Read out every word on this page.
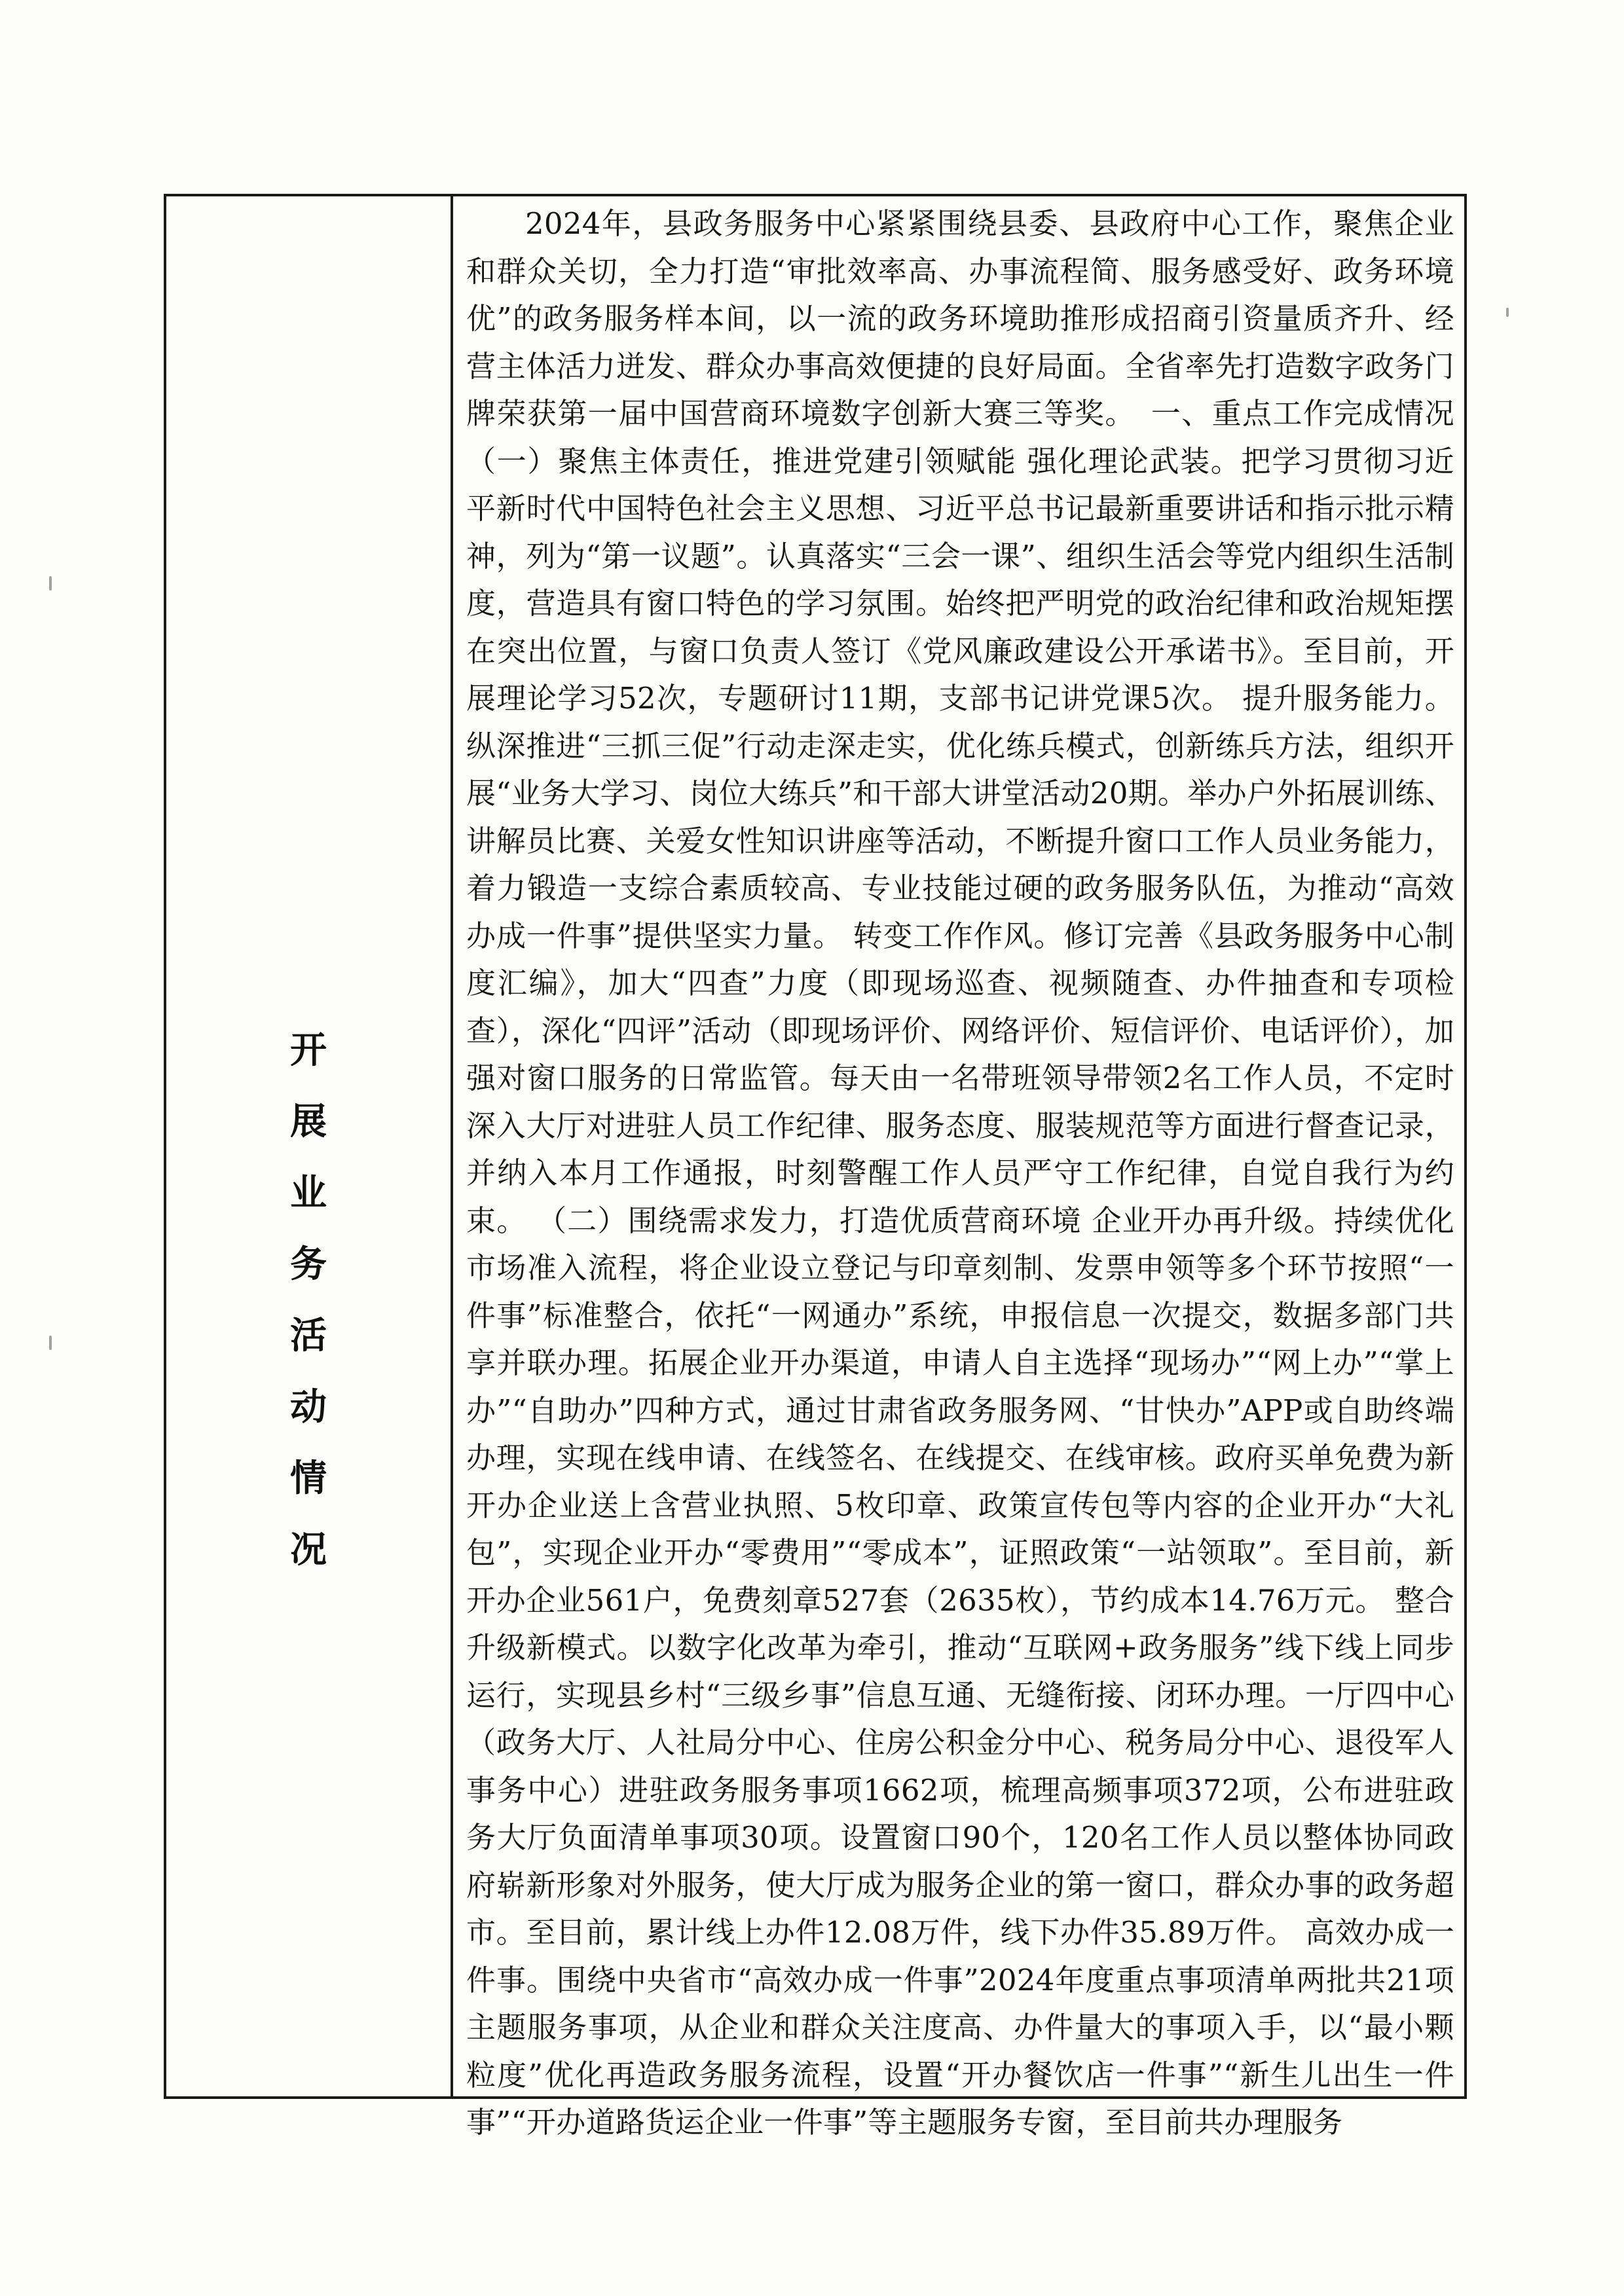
开
展
业
务
活
动
情
况

2024年，县政务服务中心紧紧围绕县委、县政府中心工作，聚焦企业和群众关切，全力打造“审批效率高、办事流程简、服务感受好、政务环境优”的政务服务样本间，以一流的政务环境助推形成招商引资量质齐升、经营主体活力迸发、群众办事高效便捷的良好局面。全省率先打造数字政务门牌荣获第一届中国营商环境数字创新大赛三等奖。　一、重点工作完成情况　（一）聚焦主体责任，推进党建引领赋能 强化理论武装。把学习贯彻习近平新时代中国特色社会主义思想、习近平总书记最新重要讲话和指示批示精神，列为“第一议题”。认真落实“三会一课”、组织生活会等党内组织生活制度，营造具有窗口特色的学习氛围。始终把严明党的政治纪律和政治规矩摆在突出位置，与窗口负责人签订《党风廉政建设公开承诺书》。至目前，开展理论学习52次，专题研讨11期，支部书记讲党课5次。 提升服务能力。纵深推进“三抓三促”行动走深走实，优化练兵模式，创新练兵方法，组织开展“业务大学习、岗位大练兵”和干部大讲堂活动20期。举办户外拓展训练、讲解员比赛、关爱女性知识讲座等活动，不断提升窗口工作人员业务能力，着力锻造一支综合素质较高、专业技能过硬的政务服务队伍，为推动“高效办成一件事”提供坚实力量。 转变工作作风。修订完善《县政务服务中心制度汇编》，加大“四查”力度（即现场巡查、视频随查、办件抽查和专项检查），深化“四评”活动（即现场评价、网络评价、短信评价、电话评价），加强对窗口服务的日常监管。每天由一名带班领导带领2名工作人员，不定时深入大厅对进驻人员工作纪律、服务态度、服装规范等方面进行督查记录，并纳入本月工作通报，时刻警醒工作人员严守工作纪律，自觉自我行为约束。 （二）围绕需求发力，打造优质营商环境 企业开办再升级。持续优化市场准入流程，将企业设立登记与印章刻制、发票申领等多个环节按照“一件事”标准整合，依托“一网通办”系统，申报信息一次提交，数据多部门共享并联办理。拓展企业开办渠道，申请人自主选择“现场办”“网上办”“掌上办”“自助办”四种方式，通过甘肃省政务服务网、“甘快办”APP或自助终端办理，实现在线申请、在线签名、在线提交、在线审核。政府买单免费为新开办企业送上含营业执照、5枚印章、政策宣传包等内容的企业开办“大礼包”，实现企业开办“零费用”“零成本”，证照政策“一站领取”。至目前，新开办企业561户，免费刻章527套（2635枚），节约成本14.76万元。 整合升级新模式。以数字化改革为牵引，推动“互联网+政务服务”线下线上同步运行，实现县乡村“三级乡事”信息互通、无缝衔接、闭环办理。一厅四中心（政务大厅、人社局分中心、住房公积金分中心、税务局分中心、退役军人事务中心）进驻政务服务事项1662项，梳理高频事项372项，公布进驻政务大厅负面清单事项30项。设置窗口90个，120名工作人员以整体协同政府崭新形象对外服务，使大厅成为服务企业的第一窗口，群众办事的政务超市。至目前，累计线上办件12.08万件，线下办件35.89万件。 高效办成一件事。围绕中央省市“高效办成一件事”2024年度重点事项清单两批共21项主题服务事项，从企业和群众关注度高、办件量大的事项入手，以“最小颗粒度”优化再造政务服务流程，设置“开办餐饮店一件事”“新生儿出生一件事”“开办道路货运企业一件事”等主题服务专窗，至目前共办理服务
